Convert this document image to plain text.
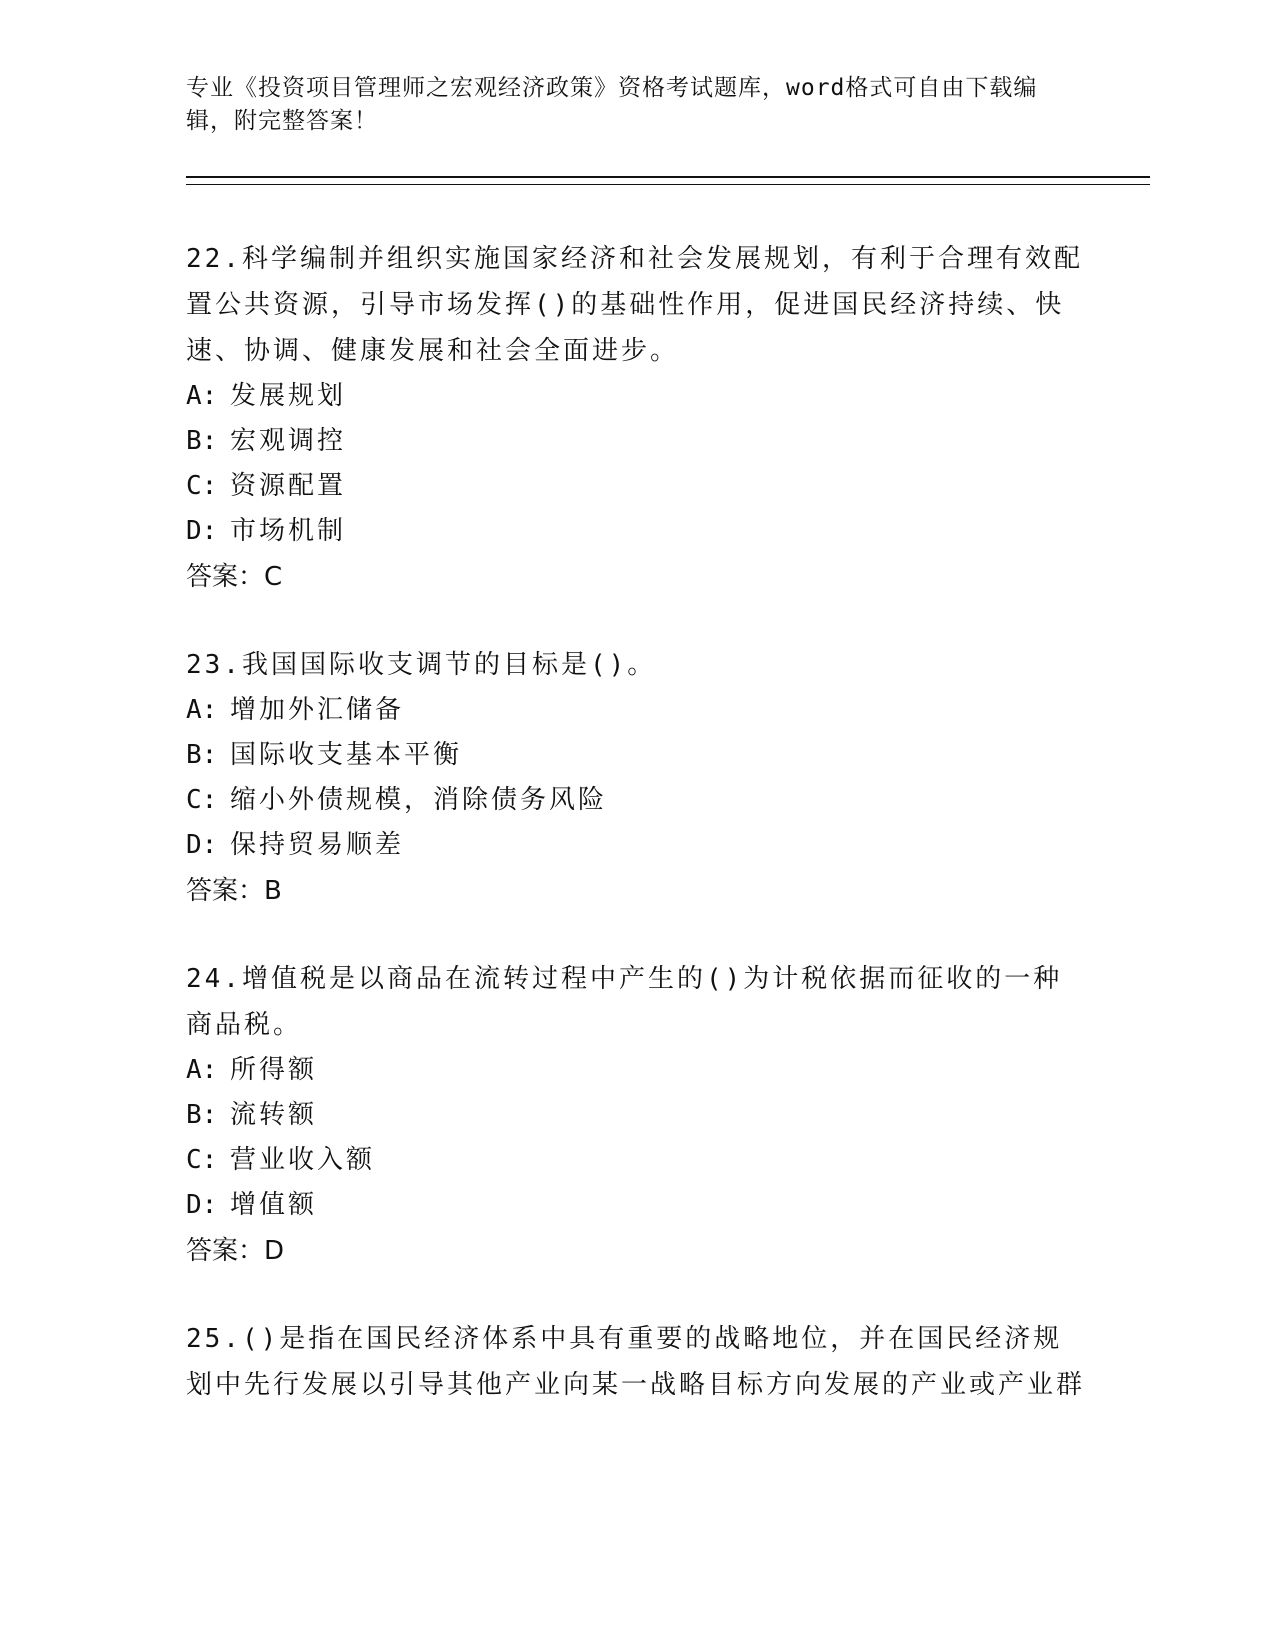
专业《投资项目管理师之宏观经济政策》资格考试题库，word格式可自由下载编辑，附完整答案！
22.科学编制并组织实施国家经济和社会发展规划，有利于合理有效配置公共资源，引导市场发挥()的基础性作用，促进国民经济持续、快速、协调、健康发展和社会全面进步。
A: 发展规划
B: 宏观调控
C: 资源配置
D: 市场机制
答案：C
23.我国国际收支调节的目标是()。
A: 增加外汇储备
B: 国际收支基本平衡
C: 缩小外债规模，消除债务风险
D: 保持贸易顺差
答案：B
24.增值税是以商品在流转过程中产生的()为计税依据而征收的一种商品税。
A: 所得额
B: 流转额
C: 营业收入额
D: 增值额
答案：D
25.()是指在国民经济体系中具有重要的战略地位，并在国民经济规划中先行发展以引导其他产业向某一战略目标方向发展的产业或产业群
